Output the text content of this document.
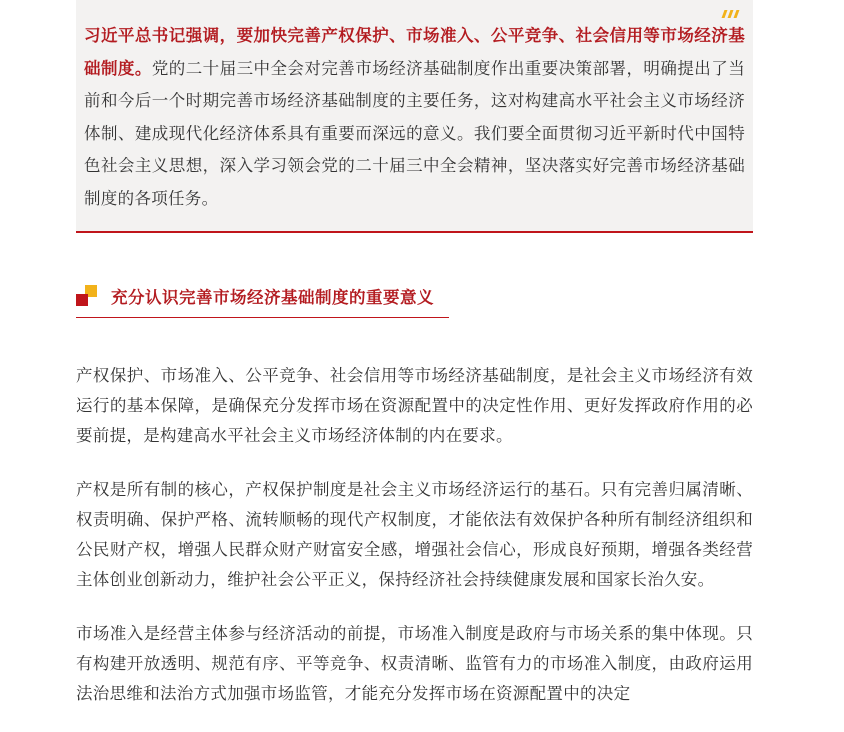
习近平总书记强调，要加快完善产权保护、市场准入、公平竞争、社会信用等市场经济基础制度。党的二十届三中全会对完善市场经济基础制度作出重要决策部署，明确提出了当前和今后一个时期完善市场经济基础制度的主要任务，这对构建高水平社会主义市场经济体制、建成现代化经济体系具有重要而深远的意义。我们要全面贯彻习近平新时代中国特色社会主义思想，深入学习领会党的二十届三中全会精神，坚决落实好完善市场经济基础制度的各项任务。
充分认识完善市场经济基础制度的重要意义

产权保护、市场准入、公平竞争、社会信用等市场经济基础制度，是社会主义市场经济有效运行的基本保障，是确保充分发挥市场在资源配置中的决定性作用、更好发挥政府作用的必要前提，是构建高水平社会主义市场经济体制的内在要求。

产权是所有制的核心，产权保护制度是社会主义市场经济运行的基石。只有完善归属清晰、权责明确、保护严格、流转顺畅的现代产权制度，才能依法有效保护各种所有制经济组织和公民财产权，增强人民群众财产财富安全感，增强社会信心，形成良好预期，增强各类经营主体创业创新动力，维护社会公平正义，保持经济社会持续健康发展和国家长治久安。

市场准入是经营主体参与经济活动的前提，市场准入制度是政府与市场关系的集中体现。只有构建开放透明、规范有序、平等竞争、权责清晰、监管有力的市场准入制度，由政府运用法治思维和法治方式加强市场监管，才能充分发挥市场在资源配置中的决定
